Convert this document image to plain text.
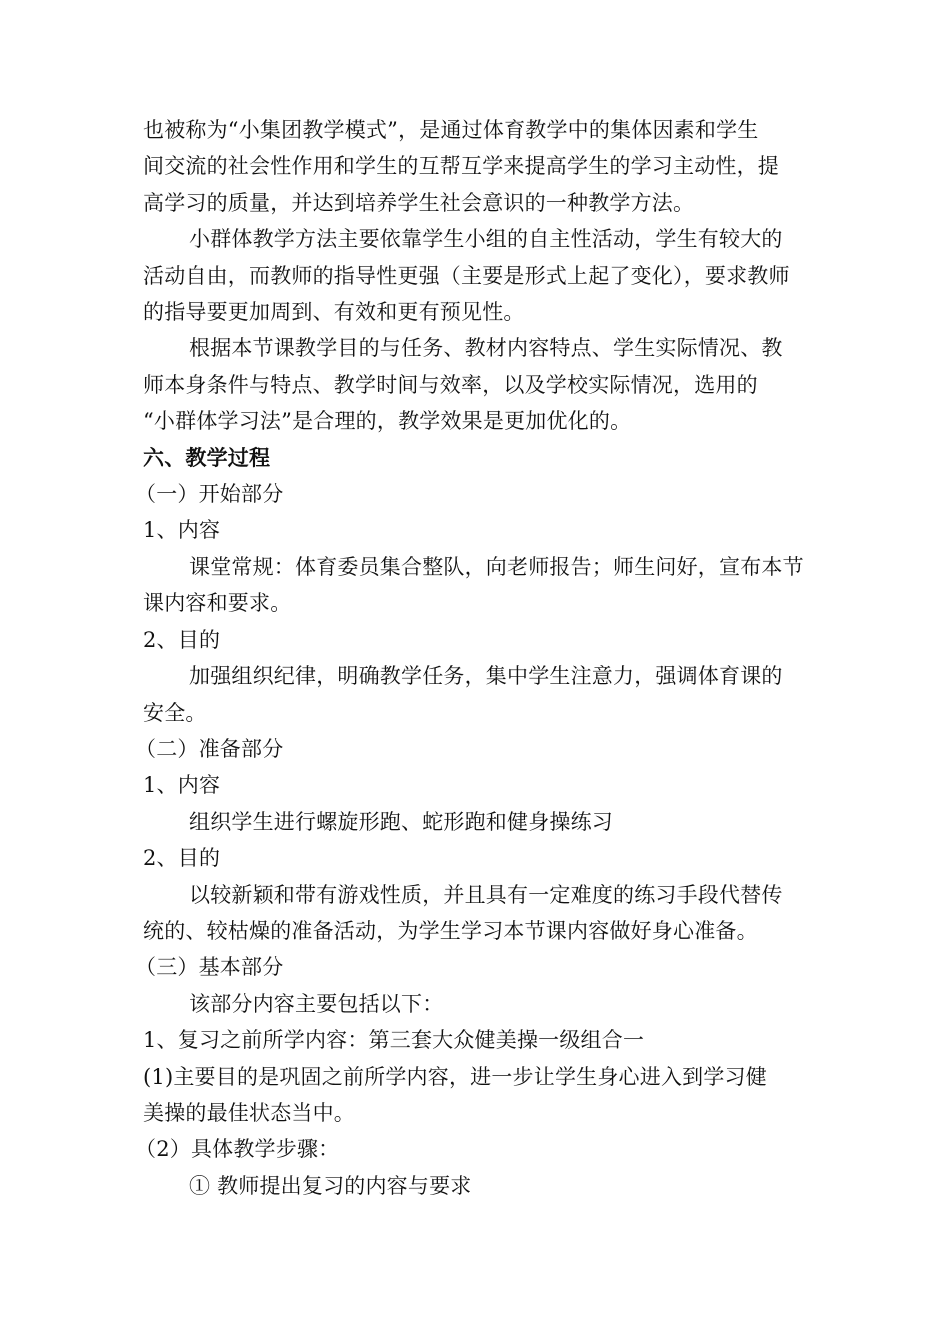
也被称为“小集团教学模式”，是通过体育教学中的集体因素和学生
间交流的社会性作用和学生的互帮互学来提高学生的学习主动性，提
高学习的质量，并达到培养学生社会意识的一种教学方法。
小群体教学方法主要依靠学生小组的自主性活动，学生有较大的
活动自由，而教师的指导性更强（主要是形式上起了变化），要求教师
的指导要更加周到、有效和更有预见性。
根据本节课教学目的与任务、教材内容特点、学生实际情况、教
师本身条件与特点、教学时间与效率，以及学校实际情况，选用的
“小群体学习法”是合理的，教学效果是更加优化的。
六、教学过程
（一）开始部分
1、内容
课堂常规：体育委员集合整队，向老师报告；师生问好，宣布本节
课内容和要求。
2、目的
加强组织纪律，明确教学任务，集中学生注意力，强调体育课的
安全。
（二）准备部分
1、内容
组织学生进行螺旋形跑、蛇形跑和健身操练习
2、目的
以较新颖和带有游戏性质，并且具有一定难度的练习手段代替传
统的、较枯燥的准备活动，为学生学习本节课内容做好身心准备。
（三）基本部分
该部分内容主要包括以下：
1、复习之前所学内容：第三套大众健美操一级组合一
(1)主要目的是巩固之前所学内容，进一步让学生身心进入到学习健
美操的最佳状态当中。
（2）具体教学步骤：
① 教师提出复习的内容与要求
